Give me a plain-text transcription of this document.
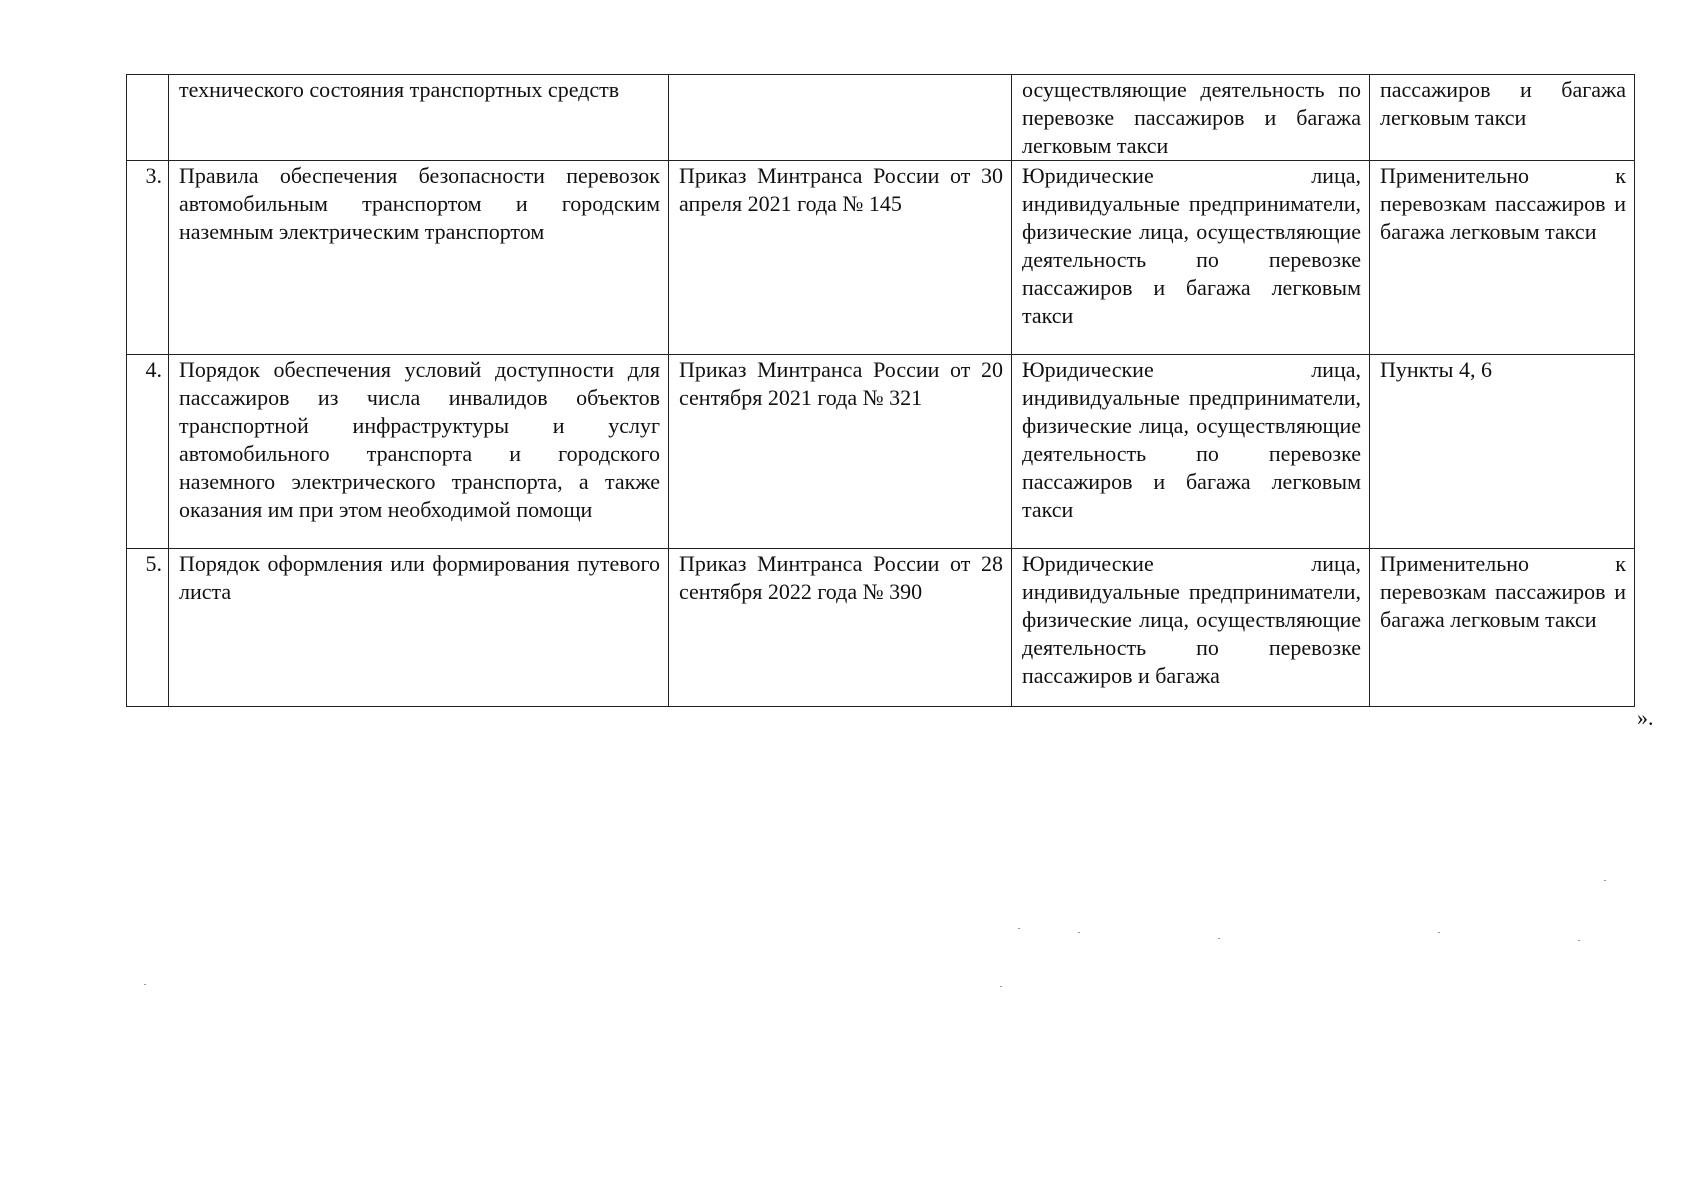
	технического состояния транспортных средств		осуществляющие деятельность по перевозке пассажиров и багажа легковым такси	пассажиров и багажа легковым такси
3.	Правила обеспечения безопасности перевозок автомобильным транспортом и городским наземным электрическим транспортом	Приказ Минтранса России от 30 апреля 2021 года № 145	Юридические лица, индивидуальные предприниматели, физические лица, осуществляющие деятельность по перевозке пассажиров и багажа легковым такси	Применительно к перевозкам пассажиров и багажа легковым такси
4.	Порядок обеспечения условий доступности для пассажиров из числа инвалидов объектов транспортной инфраструктуры и услуг автомобильного транспорта и городского наземного электрического транспорта, а также оказания им при этом необходимой помощи	Приказ Минтранса России от 20 сентября 2021 года № 321	Юридические лица, индивидуальные предприниматели, физические лица, осуществляющие деятельность по перевозке пассажиров и багажа легковым такси	Пункты 4, 6
5.	Порядок оформления или формирования путевого листа	Приказ Минтранса России от 28 сентября 2022 года № 390	Юридические лица, индивидуальные предприниматели, физические лица, осуществляющие деятельность по перевозке пассажиров и багажа	Применительно к перевозкам пассажиров и багажа легковым такси
».
